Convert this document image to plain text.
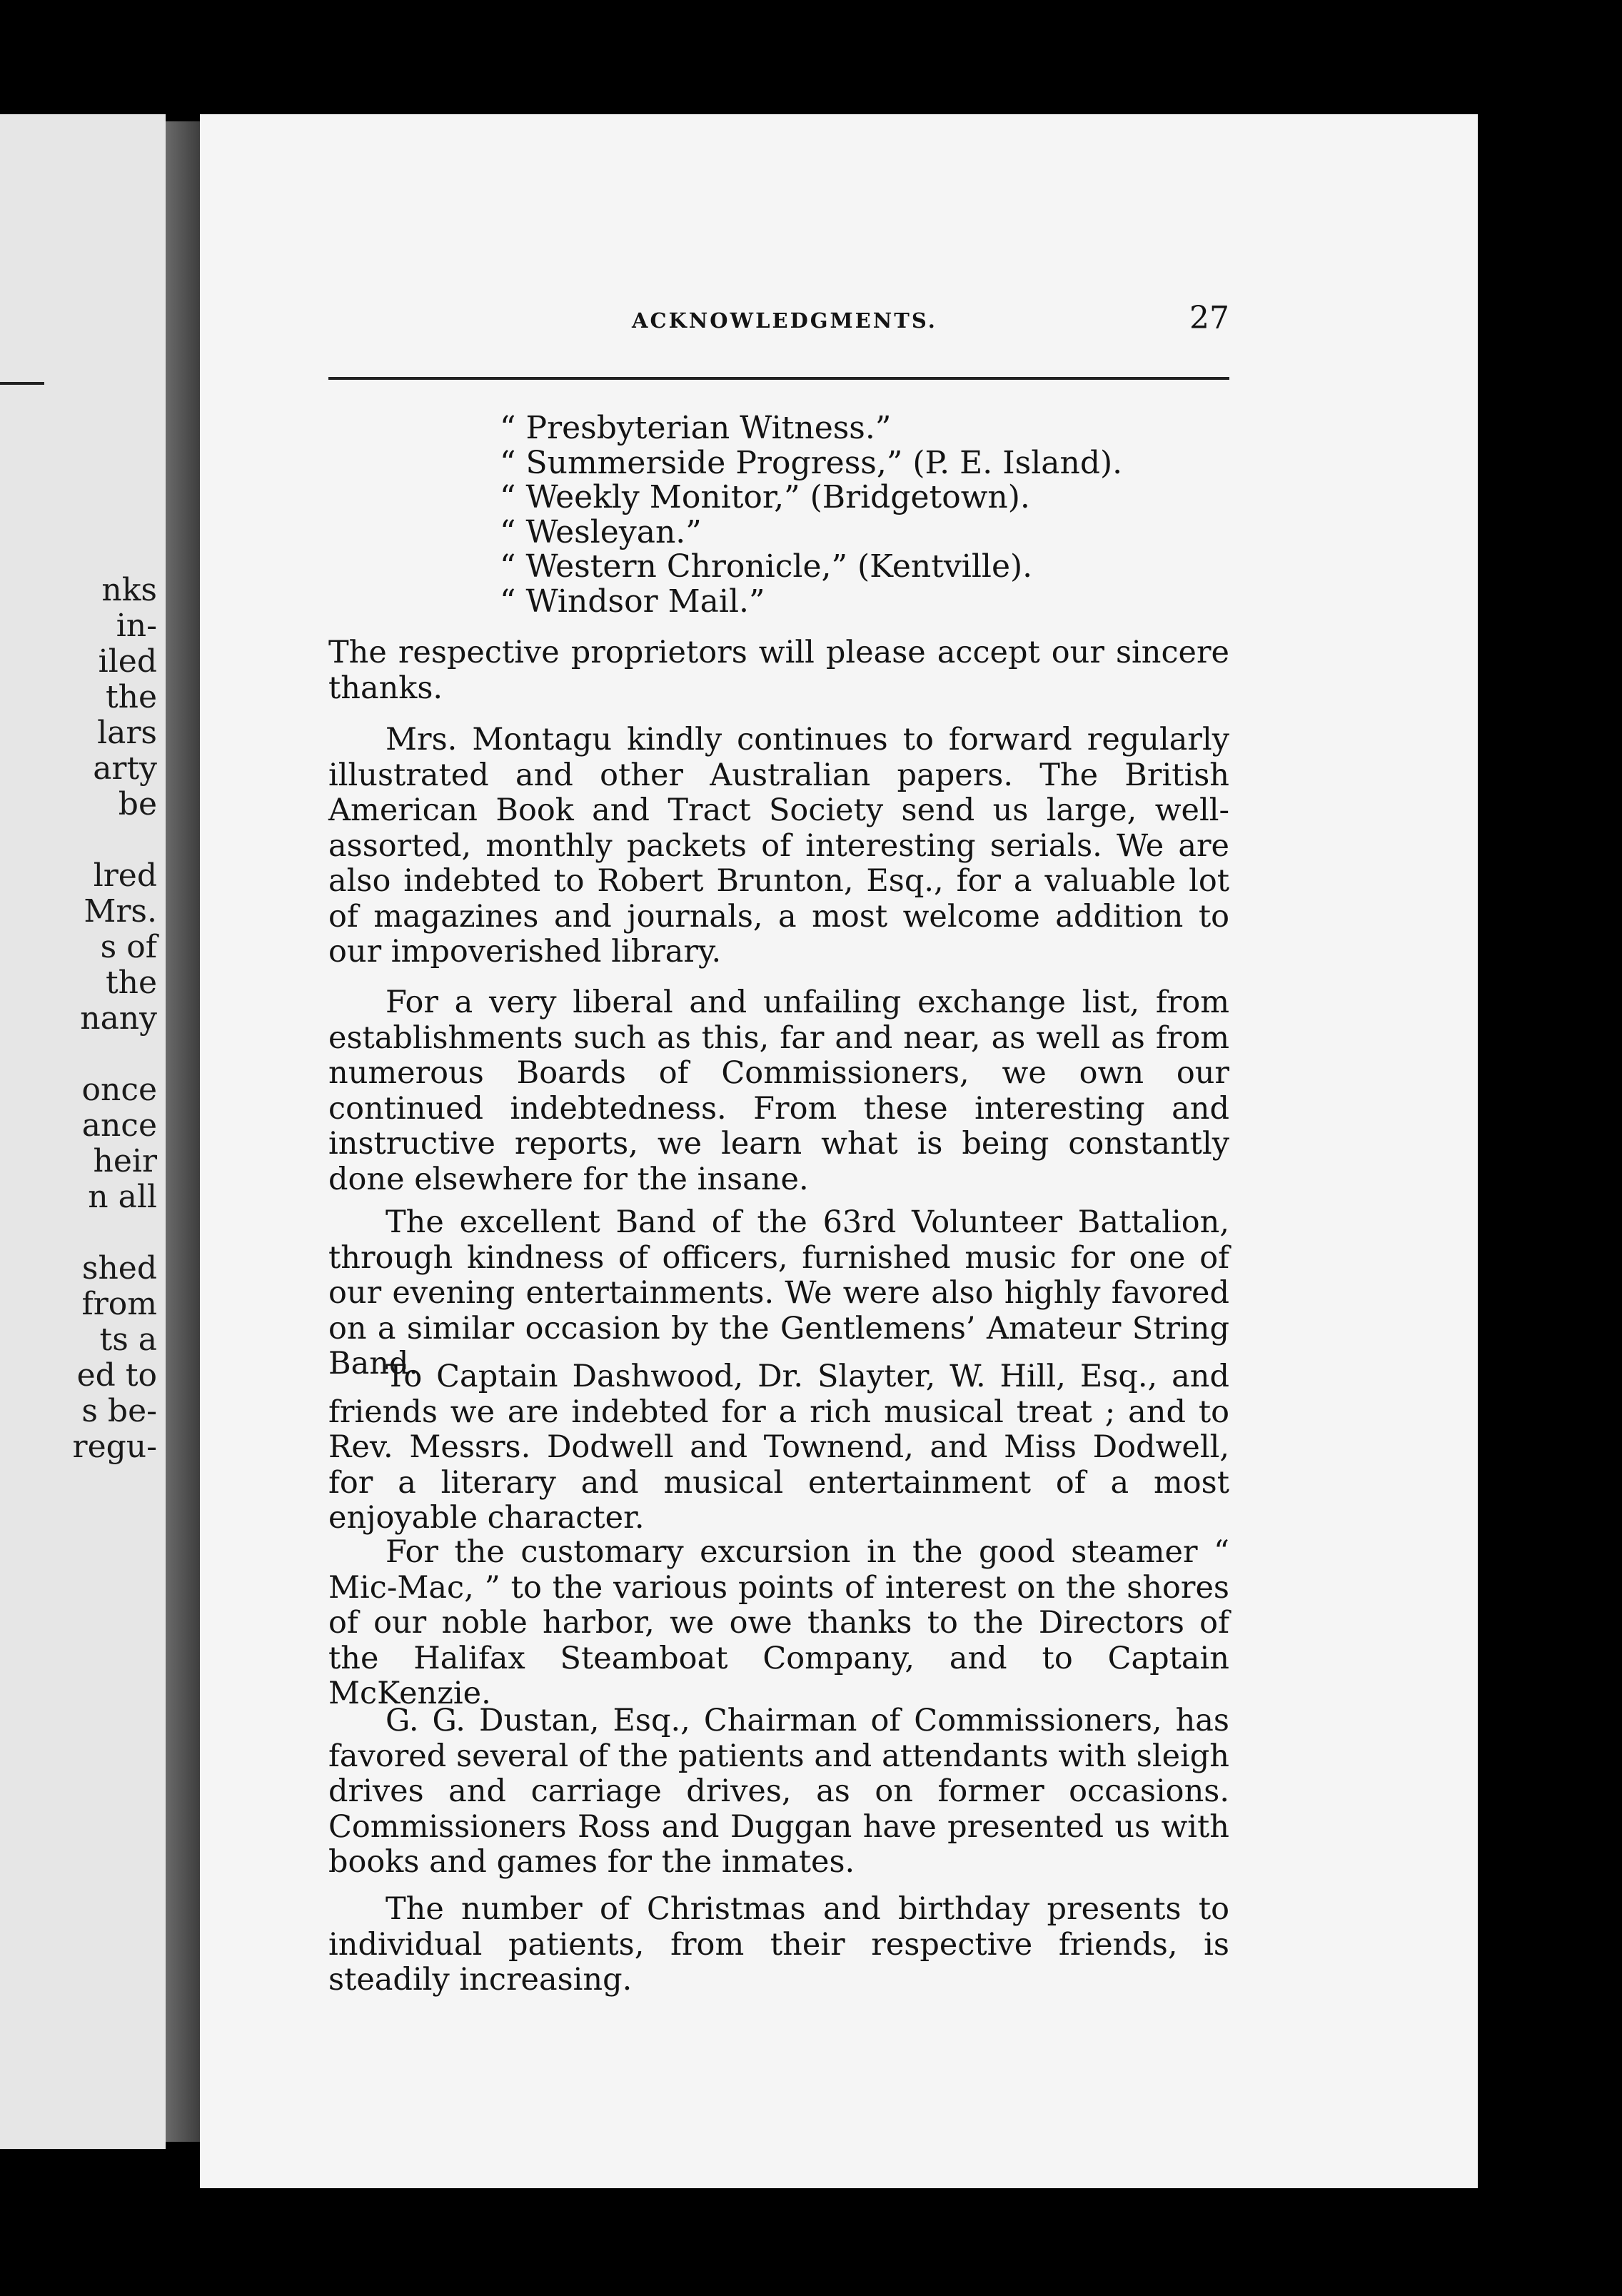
nks
in-
iled
the
lars
arty
be
lred
Mrs.
s of
the
nany
once
ance
heir
n all
shed
from
ts a
ed to
s be-
regu-
ACKNOWLEDGMENTS.	27
“ Presbyterian Witness.”
“ Summerside Progress,” (P. E. Island).
“ Weekly Monitor,” (Bridgetown).
“ Wesleyan.”
“ Western Chronicle,” (Kentville).
“ Windsor Mail.”

The respective proprietors will please accept our sincere thanks.

Mrs. Montagu kindly continues to forward regularly illustrated and other Australian papers. The British American Book and Tract Society send us large, well-assorted, monthly packets of interesting serials. We are also indebted to Robert Brunton, Esq., for a valuable lot of magazines and journals, a most welcome addition to our impoverished library.

For a very liberal and unfailing exchange list, from establishments such as this, far and near, as well as from numerous Boards of Commissioners, we own our continued indebtedness. From these interesting and instructive reports, we learn what is being constantly done elsewhere for the insane.

The excellent Band of the 63rd Volunteer Battalion, through kindness of officers, furnished music for one of our evening entertainments. We were also highly favored on a similar occasion by the Gentlemens’ Amateur String Band.

To Captain Dashwood, Dr. Slayter, W. Hill, Esq., and friends we are indebted for a rich musical treat ; and to Rev. Messrs. Dodwell and Townend, and Miss Dodwell, for a literary and musical entertainment of a most enjoyable character.

For the customary excursion in the good steamer “ Mic-Mac, ” to the various points of interest on the shores of our noble harbor, we owe thanks to the Directors of the Halifax Steamboat Company, and to Captain McKenzie.

G. G. Dustan, Esq., Chairman of Commissioners, has favored several of the patients and attendants with sleigh drives and carriage drives, as on former occasions. Commissioners Ross and Duggan have presented us with books and games for the inmates.

The number of Christmas and birthday presents to individual patients, from their respective friends, is steadily increasing.
